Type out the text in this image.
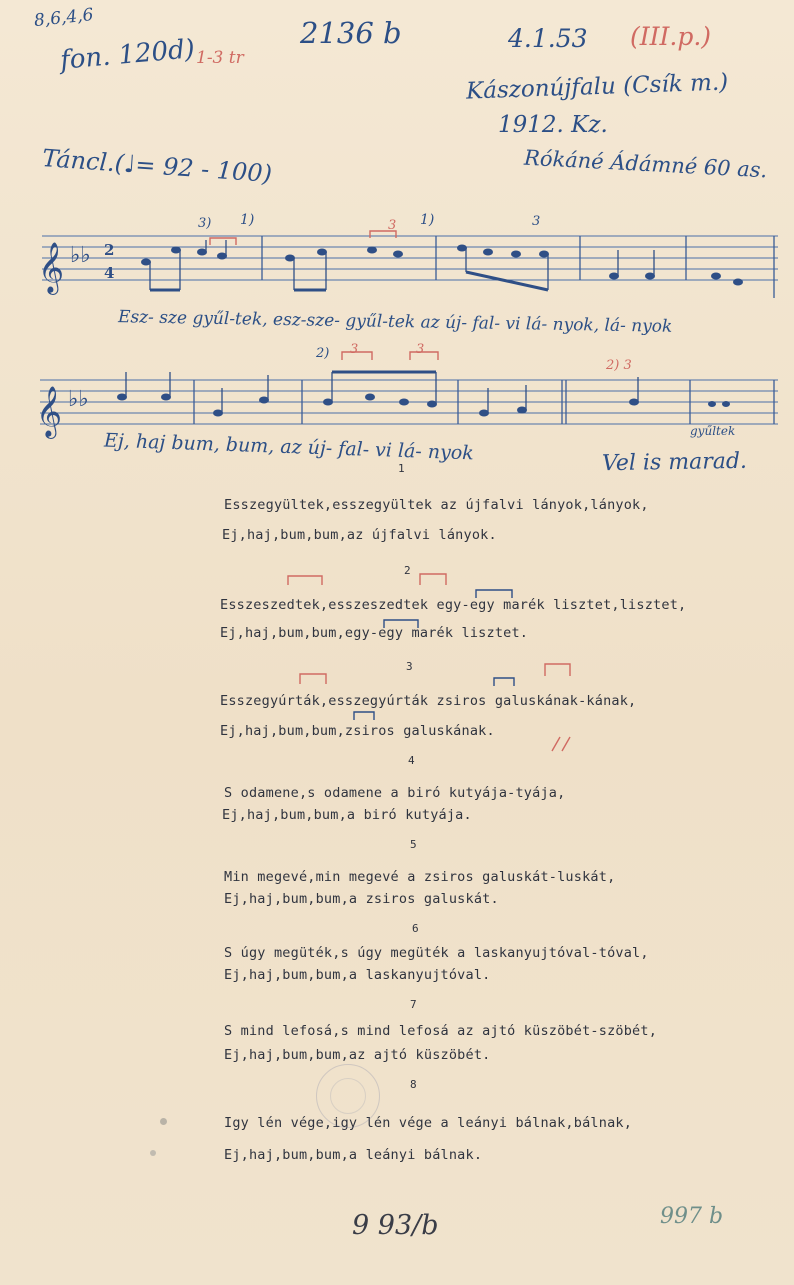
8,6,4,6
fon. 120d) 1-3 tr
2136 b	4.1.53 (III.p.)
Kászonújfalu (Csík m.)
1912. Kz.
Rókáné Ádámné 60 as.
Táncl.(♩= 92 - 100)
𝄞 ♭♭ 2
4
𝄞 ♭♭
3) 1)	3 1)	3
2) 3	3
2) 3
Esz- sze gyűl-tek, esz-sze- gyűl-tek az új- fal- vi lá- nyok, lá- nyok
Ej, haj bum, bum, az új- fal- vi lá- nyok	gyűltek
Vel is marad.
1
Esszegyültek,esszegyültek az újfalvi lányok,lányok,
Ej,haj,bum,bum,az újfalvi lányok.
2
Esszeszedtek,esszeszedtek egy-egy marék lisztet,lisztet,
Ej,haj,bum,bum,egy-egy marék lisztet.
3
Esszegyúrták,esszegyúrták zsiros galuskának-kának,
Ej,haj,bum,bum,zsiros galuskának.
4
S odamene,s odamene a biró kutyája-tyája,
Ej,haj,bum,bum,a biró kutyája.
5
Min megevé,min megevé a zsiros galuskát-luskát,
Ej,haj,bum,bum,a zsiros galuskát.
6
S úgy megüték,s úgy megüték a laskanyujtóval-tóval,
Ej,haj,bum,bum,a laskanyujtóval.
7
S mind lefosá,s mind lefosá az ajtó küszöbét-szöbét,
Ej,haj,bum,bum,az ajtó küszöbét.
8
Igy lén vége,igy lén vége a leányi bálnak,bálnak,
Ej,haj,bum,bum,a leányi bálnak.
9 93/b	997 b
